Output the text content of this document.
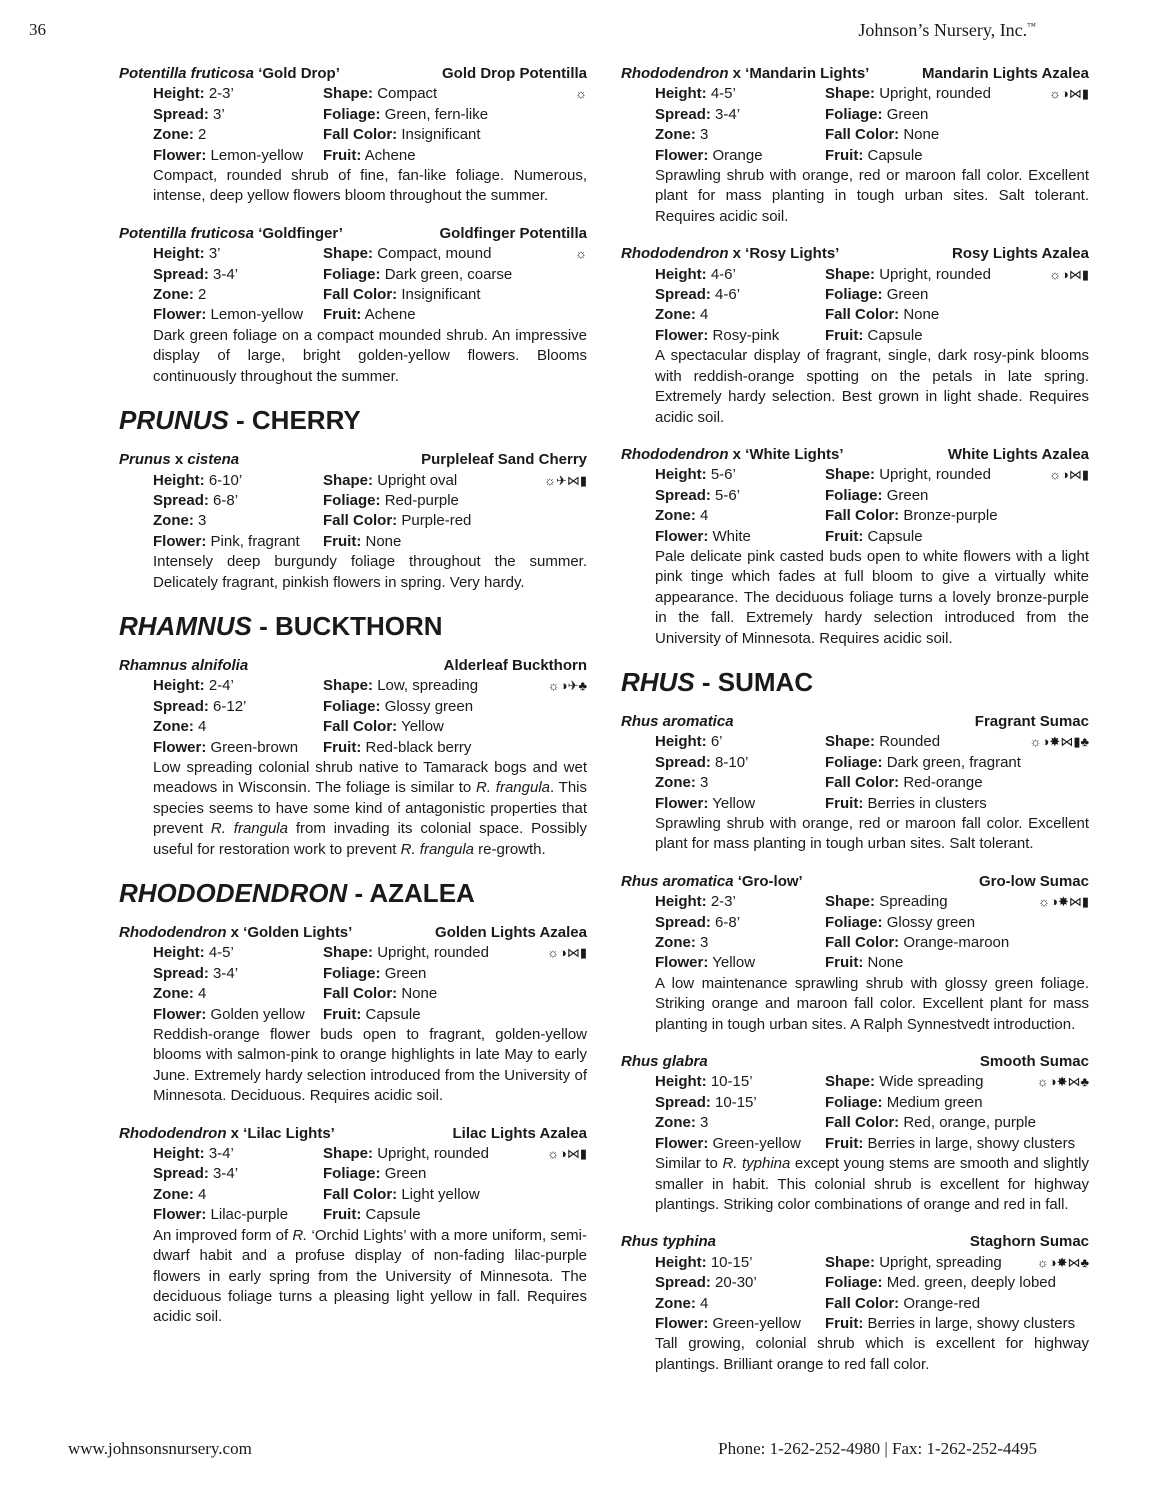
36	Johnson’s Nursery, Inc.™
Potentilla fruticosa ‘Gold Drop’	Gold Drop Potentilla
Height: 2-3’	Shape: Compact	☼
Spread: 3’	Foliage: Green, fern-like
Zone: 2	Fall Color: Insignificant
Flower: Lemon-yellow	Fruit: Achene
Compact, rounded shrub of fine, fan-like foliage. Numerous, intense, deep yellow flowers bloom throughout the summer.
Potentilla fruticosa ‘Goldfinger’	Goldfinger Potentilla
Height: 3’	Shape: Compact, mound	☼
Spread: 3-4’	Foliage: Dark green, coarse
Zone: 2	Fall Color: Insignificant
Flower: Lemon-yellow	Fruit: Achene
Dark green foliage on a compact mounded shrub. An impressive display of large, bright golden-yellow flowers. Blooms continuously throughout the summer.
PRUNUS - CHERRY
Prunus x cistena	Purpleleaf Sand Cherry
Height: 6-10’	Shape: Upright oval	☼✈⋈▮
Spread: 6-8’	Foliage: Red-purple
Zone: 3	Fall Color: Purple-red
Flower: Pink, fragrant	Fruit: None
Intensely deep burgundy foliage throughout the summer. Delicately fragrant, pinkish flowers in spring. Very hardy.
RHAMNUS - BUCKTHORN
Rhamnus alnifolia	Alderleaf Buckthorn
Height: 2-4’	Shape: Low, spreading	☼◑✈♣
Spread: 6-12’	Foliage: Glossy green
Zone: 4	Fall Color: Yellow
Flower: Green-brown	Fruit: Red-black berry
Low spreading colonial shrub native to Tamarack bogs and wet meadows in Wisconsin. The foliage is similar to R. frangula. This species seems to have some kind of antagonistic properties that prevent R. frangula from invading its colonial space. Possibly useful for restoration work to prevent R. frangula re-growth.
RHODODENDRON - AZALEA
Rhododendron x ‘Golden Lights’	Golden Lights Azalea
Height: 4-5’	Shape: Upright, rounded	☼◑⋈▮
Spread: 3-4’	Foliage: Green
Zone: 4	Fall Color: None
Flower: Golden yellow	Fruit: Capsule
Reddish-orange flower buds open to fragrant, golden-yellow blooms with salmon-pink to orange highlights in late May to early June. Extremely hardy selection introduced from the University of Minnesota. Deciduous. Requires acidic soil.
Rhododendron x ‘Lilac Lights’	Lilac Lights Azalea
Height: 3-4’	Shape: Upright, rounded	☼◑⋈▮
Spread: 3-4’	Foliage: Green
Zone: 4	Fall Color: Light yellow
Flower: Lilac-purple	Fruit: Capsule
An improved form of R. ‘Orchid Lights’ with a more uniform, semi-dwarf habit and a profuse display of non-fading lilac-purple flowers in early spring from the University of Minnesota. The deciduous foliage turns a pleasing light yellow in fall. Requires acidic soil.
Rhododendron x ‘Mandarin Lights’	Mandarin Lights Azalea
Height: 4-5’	Shape: Upright, rounded	☼◑⋈▮
Spread: 3-4’	Foliage: Green
Zone: 3	Fall Color: None
Flower: Orange	Fruit: Capsule
Sprawling shrub with orange, red or maroon fall color. Excellent plant for mass planting in tough urban sites. Salt tolerant. Requires acidic soil.
Rhododendron x ‘Rosy Lights’	Rosy Lights Azalea
Height: 4-6’	Shape: Upright, rounded	☼◑⋈▮
Spread: 4-6’	Foliage: Green
Zone: 4	Fall Color: None
Flower: Rosy-pink	Fruit: Capsule
A spectacular display of fragrant, single, dark rosy-pink blooms with reddish-orange spotting on the petals in late spring. Extremely hardy selection. Best grown in light shade. Requires acidic soil.
Rhododendron x ‘White Lights’	White Lights Azalea
Height: 5-6’	Shape: Upright, rounded	☼◑⋈▮
Spread: 5-6’	Foliage: Green
Zone: 4	Fall Color: Bronze-purple
Flower: White	Fruit: Capsule
Pale delicate pink casted buds open to white flowers with a light pink tinge which fades at full bloom to give a virtually white appearance. The deciduous foliage turns a lovely bronze-purple in the fall. Extremely hardy selection introduced from the University of Minnesota. Requires acidic soil.
RHUS - SUMAC
Rhus aromatica	Fragrant Sumac
Height: 6’	Shape: Rounded	☼◑✸⋈▮♣
Spread: 8-10’	Foliage: Dark green, fragrant
Zone: 3	Fall Color: Red-orange
Flower: Yellow	Fruit: Berries in clusters
Sprawling shrub with orange, red or maroon fall color. Excellent plant for mass planting in tough urban sites. Salt tolerant.
Rhus aromatica ‘Gro-low’	Gro-low Sumac
Height: 2-3’	Shape: Spreading	☼◑✸⋈▮
Spread: 6-8’	Foliage: Glossy green
Zone: 3	Fall Color: Orange-maroon
Flower: Yellow	Fruit: None
A low maintenance sprawling shrub with glossy green foliage. Striking orange and maroon fall color. Excellent plant for mass planting in tough urban sites. A Ralph Synnestvedt introduction.
Rhus glabra	Smooth Sumac
Height: 10-15’	Shape: Wide spreading	☼◑✸⋈♣
Spread: 10-15’	Foliage: Medium green
Zone: 3	Fall Color: Red, orange, purple
Flower: Green-yellow	Fruit: Berries in large, showy clusters
Similar to R. typhina except young stems are smooth and slightly smaller in habit. This colonial shrub is excellent for highway plantings. Striking color combinations of orange and red in fall.
Rhus typhina	Staghorn Sumac
Height: 10-15’	Shape: Upright, spreading	☼◑✸⋈♣
Spread: 20-30’	Foliage: Med. green, deeply lobed
Zone: 4	Fall Color: Orange-red
Flower: Green-yellow	Fruit: Berries in large, showy clusters
Tall growing, colonial shrub which is excellent for highway plantings. Brilliant orange to red fall color.
www.johnsonsnursery.com	Phone: 1-262-252-4980 | Fax: 1-262-252-4495
